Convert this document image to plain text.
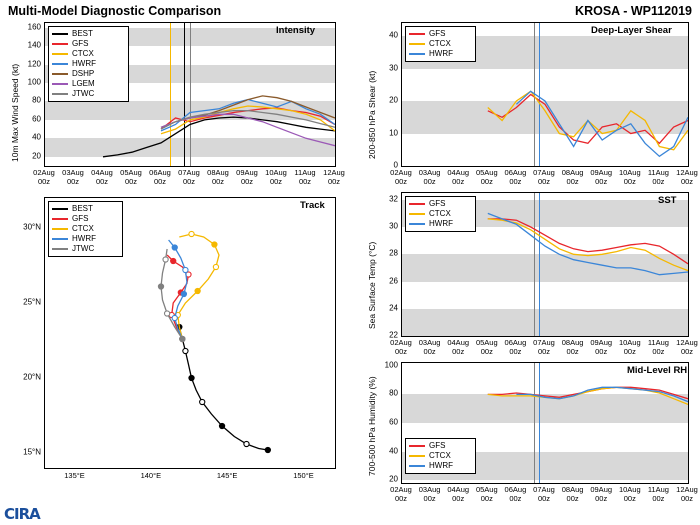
Multi-Model Diagnostic Comparison	KROSA - WP112019
Intensity
BEST
GFS
CTCX
HWRF
DSHP
LGEM
JTWC
20
40
60
80
100
120
140
160
02Aug
00z
03Aug
00z
04Aug
00z
05Aug
00z
06Aug
00z
07Aug
00z
08Aug
00z
09Aug
00z
10Aug
00z
11Aug
00z
12Aug
00z
10m Max Wind Speed (kt)
Track
BEST
GFS
CTCX
HWRF
JTWC
15°N
20°N
25°N
30°N
135°E	140°E	145°E	150°E
Deep-Layer Shear
GFS
CTCX
HWRF
0
10
20
30
40
02Aug
00z
03Aug
00z
04Aug
00z
05Aug
00z
06Aug
00z
07Aug
00z
08Aug
00z
09Aug
00z
10Aug
00z
11Aug
00z
12Aug
00z
200-850 hPa Shear (kt)
SST
GFS
CTCX
HWRF
22
24
26
28
30
32
02Aug
00z
03Aug
00z
04Aug
00z
05Aug
00z
06Aug
00z
07Aug
00z
08Aug
00z
09Aug
00z
10Aug
00z
11Aug
00z
12Aug
00z
Sea Surface Temp (°C)
Mid-Level RH
GFS
CTCX
HWRF
20
40
60
80
100
02Aug
00z
03Aug
00z
04Aug
00z
05Aug
00z
06Aug
00z
07Aug
00z
08Aug
00z
09Aug
00z
10Aug
00z
11Aug
00z
12Aug
00z
700-500 hPa Humidity (%)
CIRA
